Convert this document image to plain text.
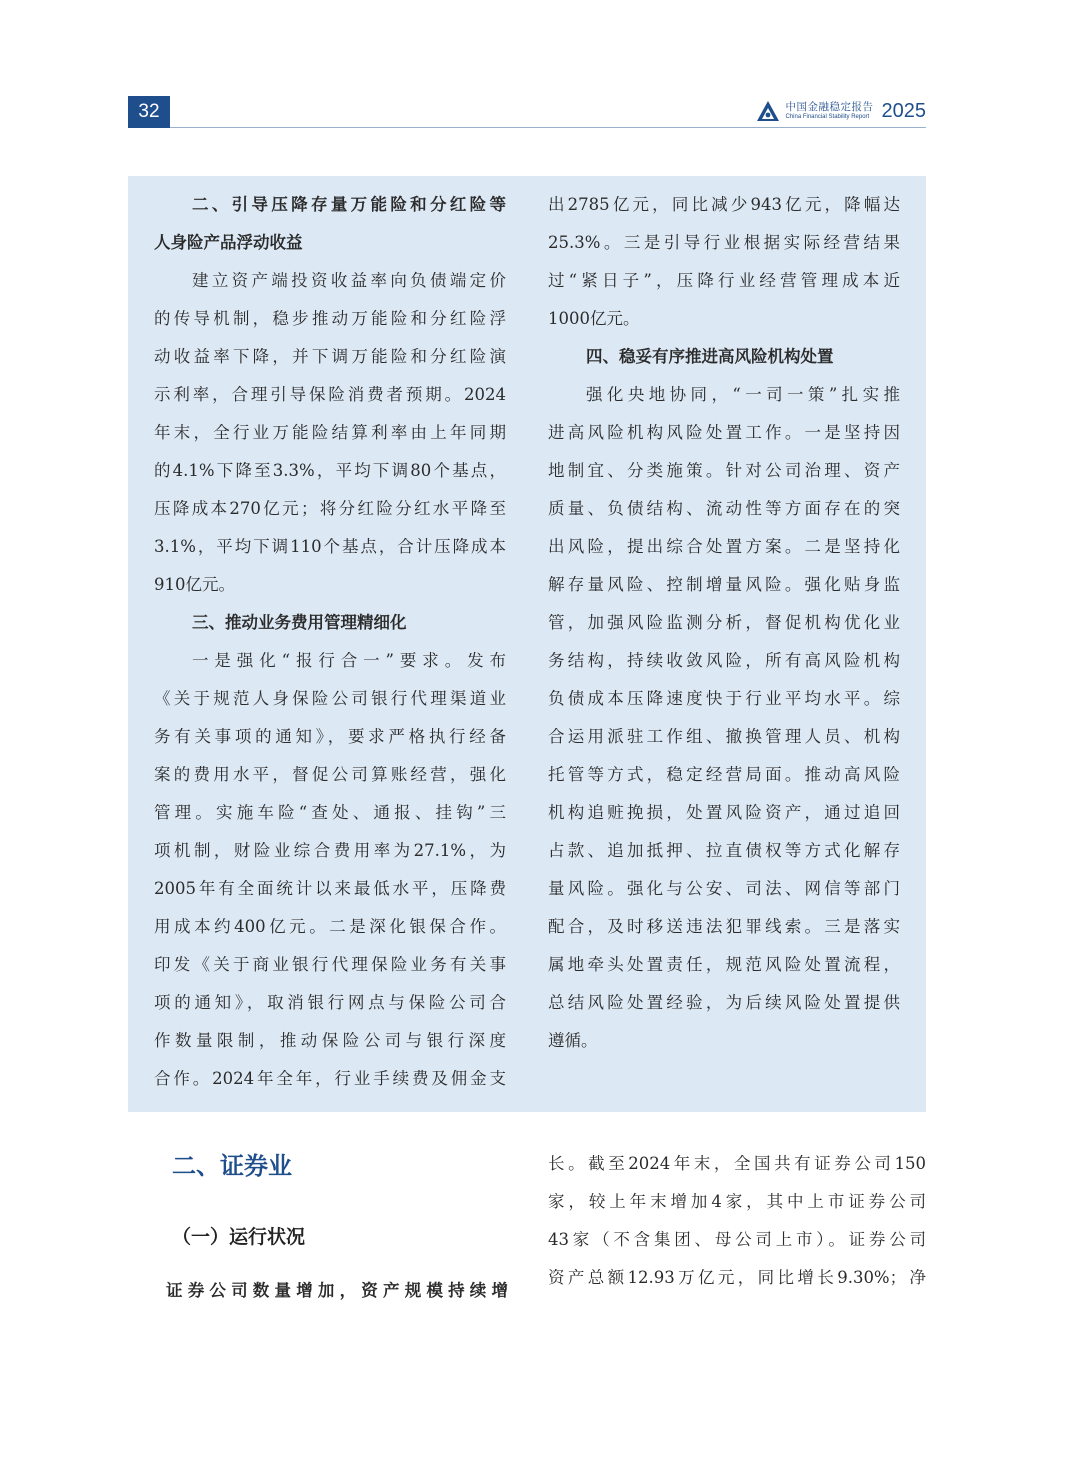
32	中国金融稳定报告
China Financial Stability Report 2025
二、引导压降存量万能险和分红险等
人身险产品浮动收益
建立资产端投资收益率向负债端定价
的传导机制，稳步推动万能险和分红险浮
动收益率下降，并下调万能险和分红险演
示利率，合理引导保险消费者预期。2024
年末，全行业万能险结算利率由上年同期
的4.1%下降至3.3%，平均下调80个基点，
压降成本270亿元；将分红险分红水平降至
3.1%，平均下调110个基点，合计压降成本
910亿元。
三、推动业务费用管理精细化
一是强化“报行合一”要求。发布
《关于规范人身保险公司银行代理渠道业
务有关事项的通知》，要求严格执行经备
案的费用水平，督促公司算账经营，强化
管理。实施车险“查处、通报、挂钩”三
项机制，财险业综合费用率为27.1%，为
2005年有全面统计以来最低水平，压降费
用成本约400亿元。二是深化银保合作。
印发《关于商业银行代理保险业务有关事
项的通知》，取消银行网点与保险公司合
作数量限制，推动保险公司与银行深度
合作。2024年全年，行业手续费及佣金支
出2785亿元，同比减少943亿元，降幅达
25.3%。三是引导行业根据实际经营结果
过“紧日子”，压降行业经营管理成本近
1000亿元。
四、稳妥有序推进高风险机构处置
强化央地协同，“一司一策”扎实推
进高风险机构风险处置工作。一是坚持因
地制宜、分类施策。针对公司治理、资产
质量、负债结构、流动性等方面存在的突
出风险，提出综合处置方案。二是坚持化
解存量风险、控制增量风险。强化贴身监
管，加强风险监测分析，督促机构优化业
务结构，持续收敛风险，所有高风险机构
负债成本压降速度快于行业平均水平。综
合运用派驻工作组、撤换管理人员、机构
托管等方式，稳定经营局面。推动高风险
机构追赃挽损，处置风险资产，通过追回
占款、追加抵押、拉直债权等方式化解存
量风险。强化与公安、司法、网信等部门
配合，及时移送违法犯罪线索。三是落实
属地牵头处置责任，规范风险处置流程，
总结风险处置经验，为后续风险处置提供
遵循。
二、证券业
（一）运行状况
证券公司数量增加，资产规模持续增
长。截至2024年末，全国共有证券公司150
家，较上年末增加4家，其中上市证券公司
43家（不含集团、母公司上市）。证券公司
资产总额12.93万亿元，同比增长9.30%；净
